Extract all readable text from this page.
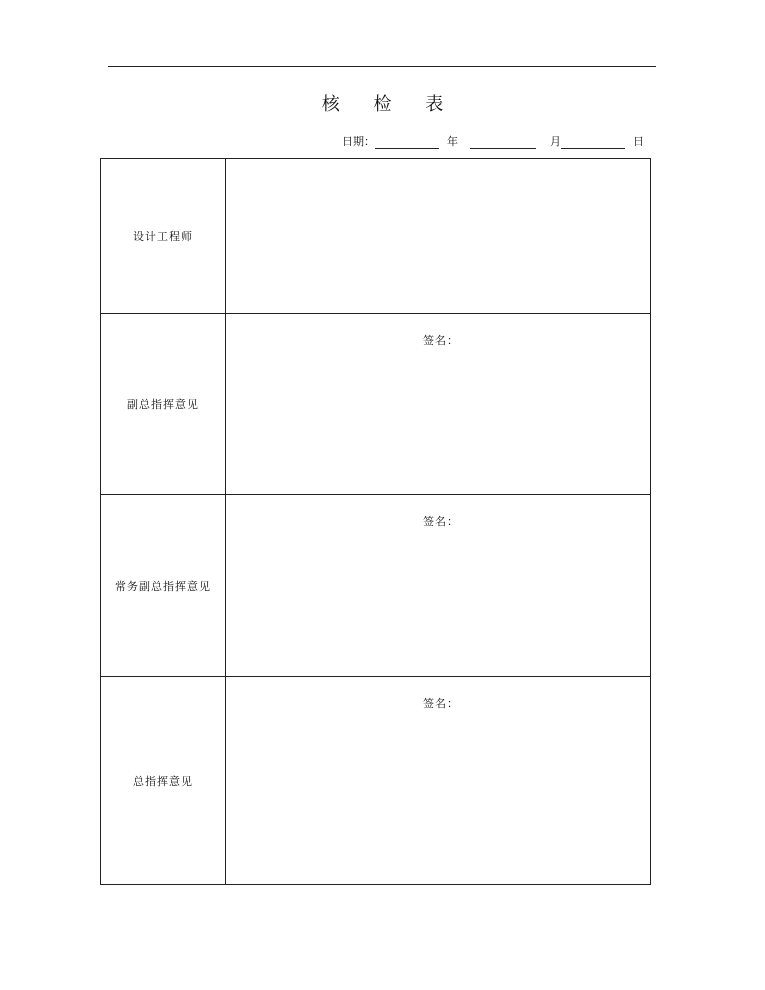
核 检 表
日期：	年	月	日
设计工程师	
副总指挥意见	签名：

常务副总指挥意见	签名：

总指挥意见	签名：
